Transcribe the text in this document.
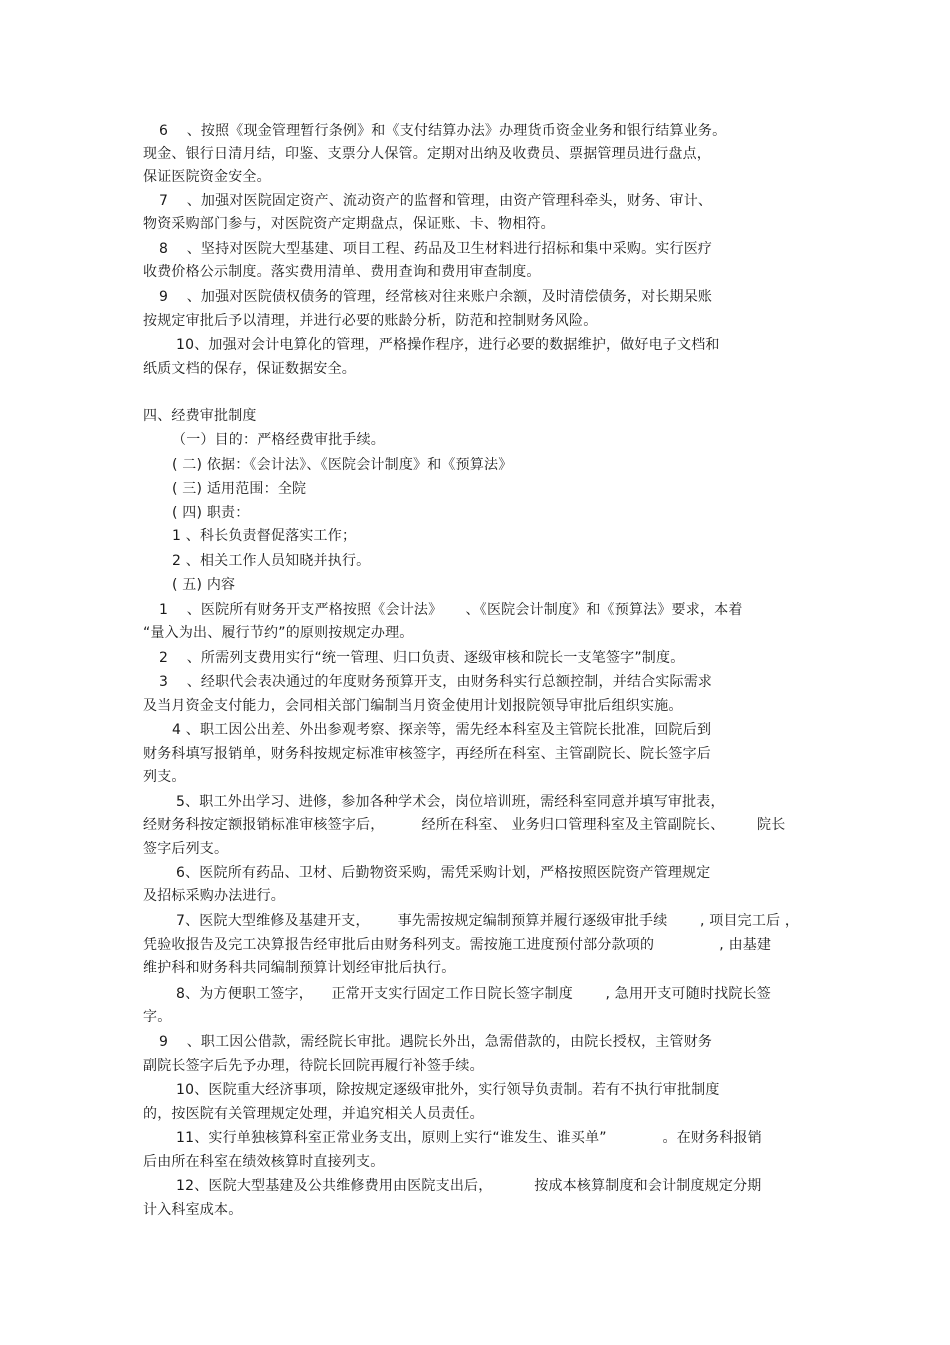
6    、按照《现金管理暂行条例》和《支付结算办法》办理货币资金业务和银行结算业务。
现金、银行日清月结，印鉴、支票分人保管。定期对出纳及收费员、票据管理员进行盘点，
保证医院资金安全。
7    、加强对医院固定资产、流动资产的监督和管理，由资产管理科牵头，财务、审计、
物资采购部门参与，对医院资产定期盘点，保证账、卡、物相符。
8    、坚持对医院大型基建、项目工程、药品及卫生材料进行招标和集中采购。实行医疗
收费价格公示制度。落实费用清单、费用查询和费用审查制度。
9    、加强对医院债权债务的管理，经常核对往来账户余额，及时清偿债务，对长期呆账
按规定审批后予以清理，并进行必要的账龄分析，防范和控制财务风险。
10、加强对会计电算化的管理，严格操作程序，进行必要的数据维护，做好电子文档和
纸质文档的保存，保证数据安全。
四、经费审批制度
（一）目的：严格经费审批手续。
( 二) 依据：《会计法》、《医院会计制度》和《预算法》
( 三) 适用范围：全院
( 四) 职责：
1 、科长负责督促落实工作；
2 、相关工作人员知晓并执行。
( 五) 内容
1    、医院所有财务开支严格按照《会计法》     、《医院会计制度》和《预算法》要求，本着
“量入为出、履行节约”的原则按规定办理。
2    、所需列支费用实行“统一管理、归口负责、逐级审核和院长一支笔签字”制度。
3    、经职代会表决通过的年度财务预算开支，由财务科实行总额控制，并结合实际需求
及当月资金支付能力，会同相关部门编制当月资金使用计划报院领导审批后组织实施。
4 、职工因公出差、外出参观考察、探亲等，需先经本科室及主管院长批准，回院后到
财务科填写报销单，财务科按规定标准审核签字，再经所在科室、主管副院长、院长签字后
列支。
5、职工外出学习、进修，参加各种学术会，岗位培训班，需经科室同意并填写审批表，
经财务科按定额报销标准审核签字后，        经所在科室、 业务归口管理科室及主管副院长、       院长
签字后列支。
6、医院所有药品、卫材、后勤物资采购，需凭采购计划，严格按照医院资产管理规定
及招标采购办法进行。
7、医院大型维修及基建开支，      事先需按规定编制预算并履行逐级审批手续       , 项目完工后 ，
凭验收报告及完工决算报告经审批后由财务科列支。需按施工进度预付部分款项的              , 由基建
维护科和财务科共同编制预算计划经审批后执行。
8、为方便职工签字，    正常开支实行固定工作日院长签字制度       , 急用开支可随时找院长签
字。
9    、职工因公借款，需经院长审批。遇院长外出，急需借款的，由院长授权，主管财务
副院长签字后先予办理，待院长回院再履行补签手续。
10、医院重大经济事项，除按规定逐级审批外，实行领导负责制。若有不执行审批制度
的，按医院有关管理规定处理，并追究相关人员责任。
11、实行单独核算科室正常业务支出，原则上实行“谁发生、谁买单”            。在财务科报销
后由所在科室在绩效核算时直接列支。
12、医院大型基建及公共维修费用由医院支出后，         按成本核算制度和会计制度规定分期
计入科室成本。
